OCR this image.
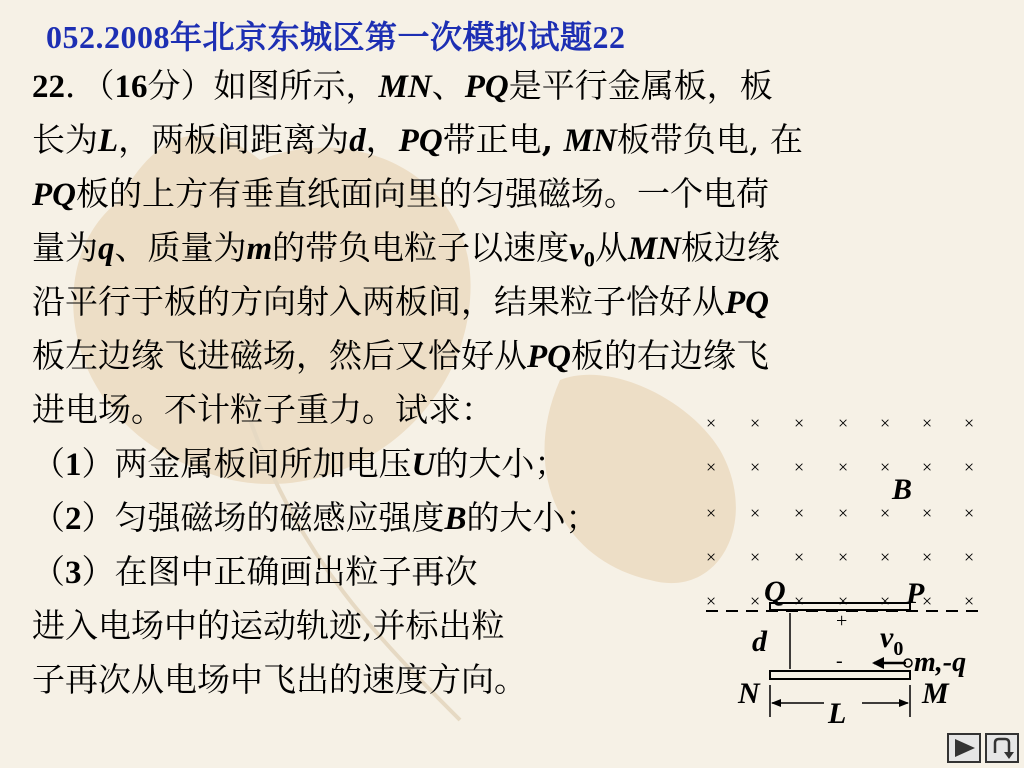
052.2008年北京东城区第一次模拟试题22
22．（16分）如图所示，MN、PQ是平行金属板，板
长为L，两板间距离为d，PQ带正电, MN板带负电, 在
PQ板的上方有垂直纸面向里的匀强磁场。一个电荷
量为q、质量为m的带负电粒子以速度$v_0$从MN板边缘
沿平行于板的方向射入两板间，结果粒子恰好从PQ
板左边缘飞进磁场，然后又恰好从PQ板的右边缘飞
进电场。不计粒子重力。试求：
（1）两金属板间所加电压U的大小；
（2）匀强磁场的磁感应强度B的大小；
（3）在图中正确画出粒子再次
进入电场中的运动轨迹,并标出粒
子再次从电场中飞出的速度方向。
× × × × × × ×
× × × × × × ×
× × × × × × ×
× × × × × × ×
× × × × × × ×
B
Q	P
d
+
-
$v_0$ m,-q
N	M
L
